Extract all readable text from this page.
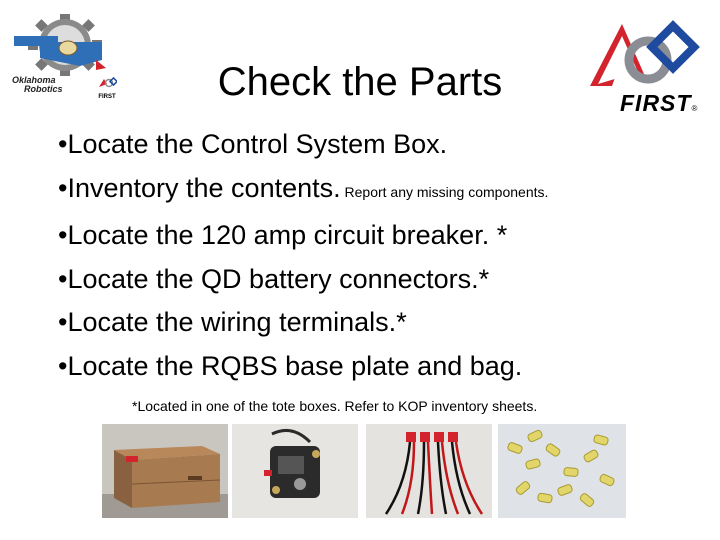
Oklahoma
Robotics
FIRST	Check the Parts	FIRST®
•Locate the Control System Box.
•Inventory the contents. Report any missing components.
•Locate the 120 amp circuit breaker. *
•Locate the QD battery connectors.*
•Locate the wiring terminals.*
•Locate the RQBS base plate and bag.
*Located in one of the tote boxes. Refer to KOP inventory sheets.
